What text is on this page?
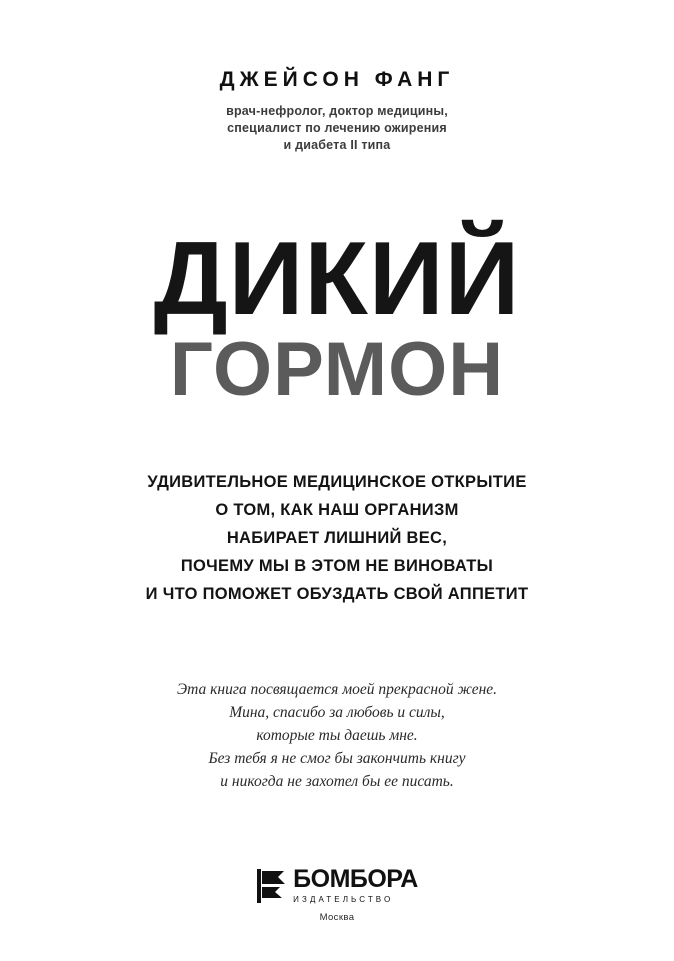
ДЖЕЙСОН ФАНГ
врач-нефролог, доктор медицины,
специалист по лечению ожирения
и диабета II типа
ДИКИЙ
ГОРМОН
УДИВИТЕЛЬНОЕ МЕДИЦИНСКОЕ ОТКРЫТИЕ
О ТОМ, КАК НАШ ОРГАНИЗМ
НАБИРАЕТ ЛИШНИЙ ВЕС,
ПОЧЕМУ МЫ В ЭТОМ НЕ ВИНОВАТЫ
И ЧТО ПОМОЖЕТ ОБУЗДАТЬ СВОЙ АППЕТИТ
Эта книга посвящается моей прекрасной жене.
Мина, спасибо за любовь и силы,
которые ты даешь мне.
Без тебя я не смог бы закончить книгу
и никогда не захотел бы ее писать.
БОМБОРА
ИЗДАТЕЛЬСТВО
Москва
